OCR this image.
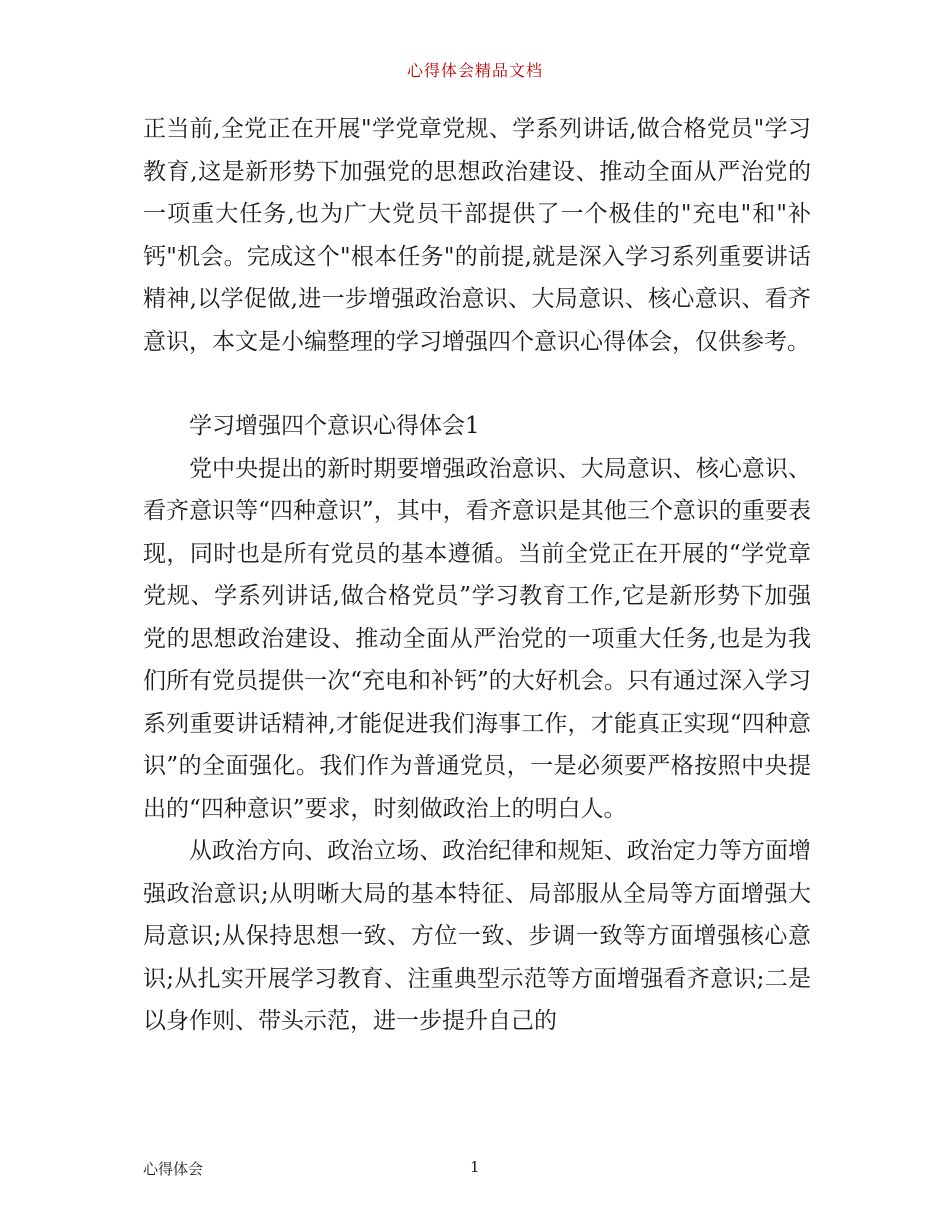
心得体会精品文档

正当前,全党正在开展"学党章党规、学系列讲话,做合格党员"学习教育,这是新形势下加强党的思想政治建设、推动全面从严治党的一项重大任务,也为广大党员干部提供了一个极佳的"充电"和"补钙"机会。完成这个"根本任务"的前提,就是深入学习系列重要讲话精神,以学促做,进一步增强政治意识、大局意识、核心意识、看齐意识，本文是小编整理的学习增强四个意识心得体会，仅供参考。

学习增强四个意识心得体会1

党中央提出的新时期要增强政治意识、大局意识、核心意识、看齐意识等“四种意识”，其中，看齐意识是其他三个意识的重要表现，同时也是所有党员的基本遵循。当前全党正在开展的“学党章党规、学系列讲话,做合格党员”学习教育工作,它是新形势下加强党的思想政治建设、推动全面从严治党的一项重大任务,也是为我们所有党员提供一次“充电和补钙”的大好机会。只有通过深入学习系列重要讲话精神,才能促进我们海事工作，才能真正实现“四种意识”的全面强化。我们作为普通党员，一是必须要严格按照中央提出的“四种意识”要求，时刻做政治上的明白人。

从政治方向、政治立场、政治纪律和规矩、政治定力等方面增强政治意识;从明晰大局的基本特征、局部服从全局等方面增强大局意识;从保持思想一致、方位一致、步调一致等方面增强核心意识;从扎实开展学习教育、注重典型示范等方面增强看齐意识;二是以身作则、带头示范，进一步提升自己的

心得体会	1
